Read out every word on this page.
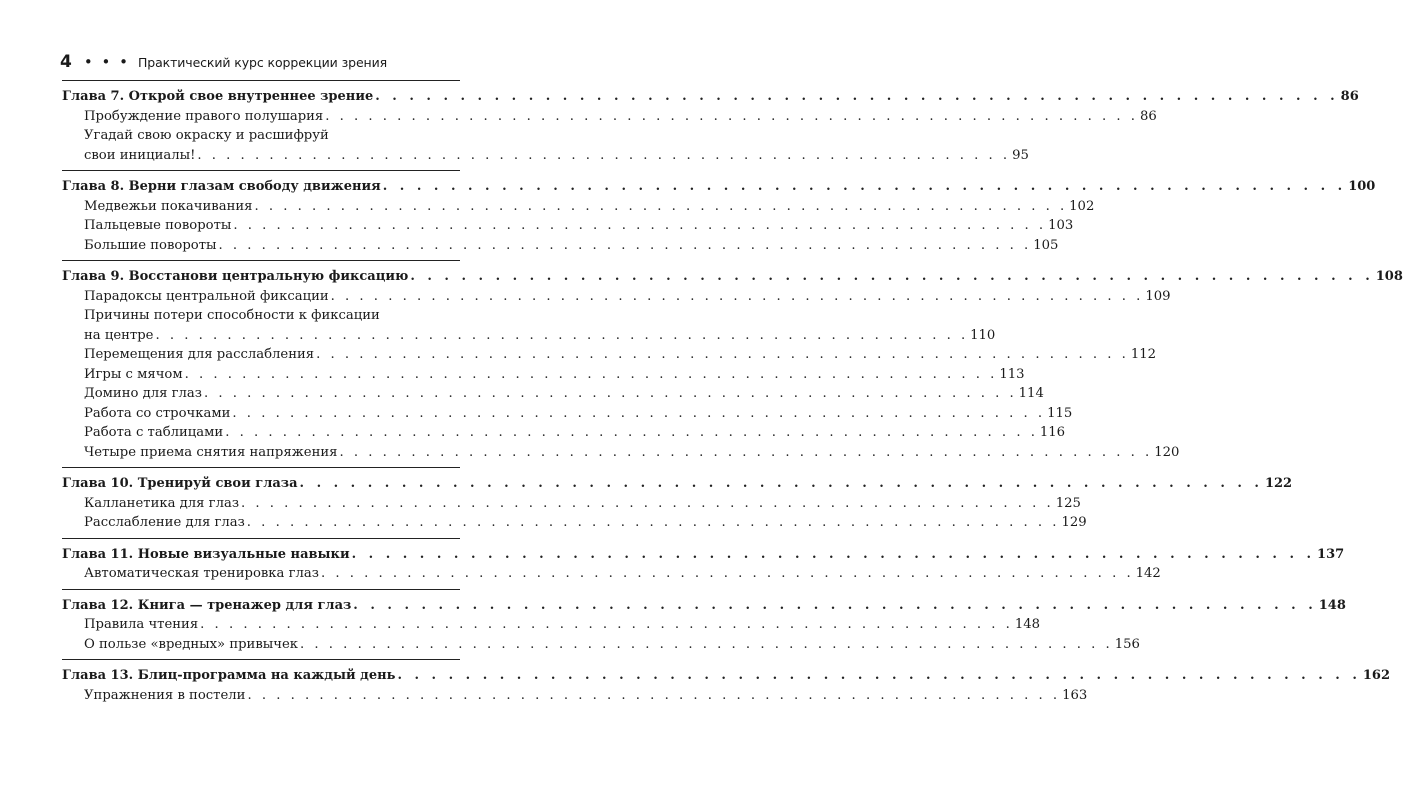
4 • • • Практический курс коррекции зрения
Глава 7. Открой свое внутреннее зрение . . . . . . . . . . . . . . . . . . . . . . . . . . . . . . . . . . . . . . . . . . . . . . . . . . . . . . . . . 86
Пробуждение правого полушария . . . . . . . . . . . . . . . . . . . . . . . . . . . . . . . . . . . . . . . . . . . . . . . . . . . . . . . . . 86
Угадай свою окраску и расшифруй
свои инициалы! . . . . . . . . . . . . . . . . . . . . . . . . . . . . . . . . . . . . . . . . . . . . . . . . . . . . . . . . . 95
Глава 8. Верни глазам свободу движения . . . . . . . . . . . . . . . . . . . . . . . . . . . . . . . . . . . . . . . . . . . . . . . . . . . . . . . . . 100
Медвежьи покачивания . . . . . . . . . . . . . . . . . . . . . . . . . . . . . . . . . . . . . . . . . . . . . . . . . . . . . . . . . 102
Пальцевые повороты . . . . . . . . . . . . . . . . . . . . . . . . . . . . . . . . . . . . . . . . . . . . . . . . . . . . . . . . . 103
Большие повороты . . . . . . . . . . . . . . . . . . . . . . . . . . . . . . . . . . . . . . . . . . . . . . . . . . . . . . . . . 105
Глава 9. Восстанови центральную фиксацию . . . . . . . . . . . . . . . . . . . . . . . . . . . . . . . . . . . . . . . . . . . . . . . . . . . . . . . . . 108
Парадоксы центральной фиксации . . . . . . . . . . . . . . . . . . . . . . . . . . . . . . . . . . . . . . . . . . . . . . . . . . . . . . . . . 109
Причины потери способности к фиксации
на центре . . . . . . . . . . . . . . . . . . . . . . . . . . . . . . . . . . . . . . . . . . . . . . . . . . . . . . . . . 110
Перемещения для расслабления . . . . . . . . . . . . . . . . . . . . . . . . . . . . . . . . . . . . . . . . . . . . . . . . . . . . . . . . . 112
Игры с мячом . . . . . . . . . . . . . . . . . . . . . . . . . . . . . . . . . . . . . . . . . . . . . . . . . . . . . . . . . 113
Домино для глаз . . . . . . . . . . . . . . . . . . . . . . . . . . . . . . . . . . . . . . . . . . . . . . . . . . . . . . . . . 114
Работа со строчками . . . . . . . . . . . . . . . . . . . . . . . . . . . . . . . . . . . . . . . . . . . . . . . . . . . . . . . . . 115
Работа с таблицами . . . . . . . . . . . . . . . . . . . . . . . . . . . . . . . . . . . . . . . . . . . . . . . . . . . . . . . . . 116
Четыре приема снятия напряжения . . . . . . . . . . . . . . . . . . . . . . . . . . . . . . . . . . . . . . . . . . . . . . . . . . . . . . . . . 120
Глава 10. Тренируй свои глаза . . . . . . . . . . . . . . . . . . . . . . . . . . . . . . . . . . . . . . . . . . . . . . . . . . . . . . . . . 122
Калланетика для глаз . . . . . . . . . . . . . . . . . . . . . . . . . . . . . . . . . . . . . . . . . . . . . . . . . . . . . . . . . 125
Расслабление для глаз . . . . . . . . . . . . . . . . . . . . . . . . . . . . . . . . . . . . . . . . . . . . . . . . . . . . . . . . . 129
Глава 11. Новые визуальные навыки . . . . . . . . . . . . . . . . . . . . . . . . . . . . . . . . . . . . . . . . . . . . . . . . . . . . . . . . . 137
Автоматическая тренировка глаз . . . . . . . . . . . . . . . . . . . . . . . . . . . . . . . . . . . . . . . . . . . . . . . . . . . . . . . . . 142
Глава 12. Книга — тренажер для глаз . . . . . . . . . . . . . . . . . . . . . . . . . . . . . . . . . . . . . . . . . . . . . . . . . . . . . . . . . 148
Правила чтения . . . . . . . . . . . . . . . . . . . . . . . . . . . . . . . . . . . . . . . . . . . . . . . . . . . . . . . . . 148
О пользе «вредных» привычек . . . . . . . . . . . . . . . . . . . . . . . . . . . . . . . . . . . . . . . . . . . . . . . . . . . . . . . . . 156
Глава 13. Блиц-программа на каждый день . . . . . . . . . . . . . . . . . . . . . . . . . . . . . . . . . . . . . . . . . . . . . . . . . . . . . . . . . 162
Упражнения в постели . . . . . . . . . . . . . . . . . . . . . . . . . . . . . . . . . . . . . . . . . . . . . . . . . . . . . . . . . 163
